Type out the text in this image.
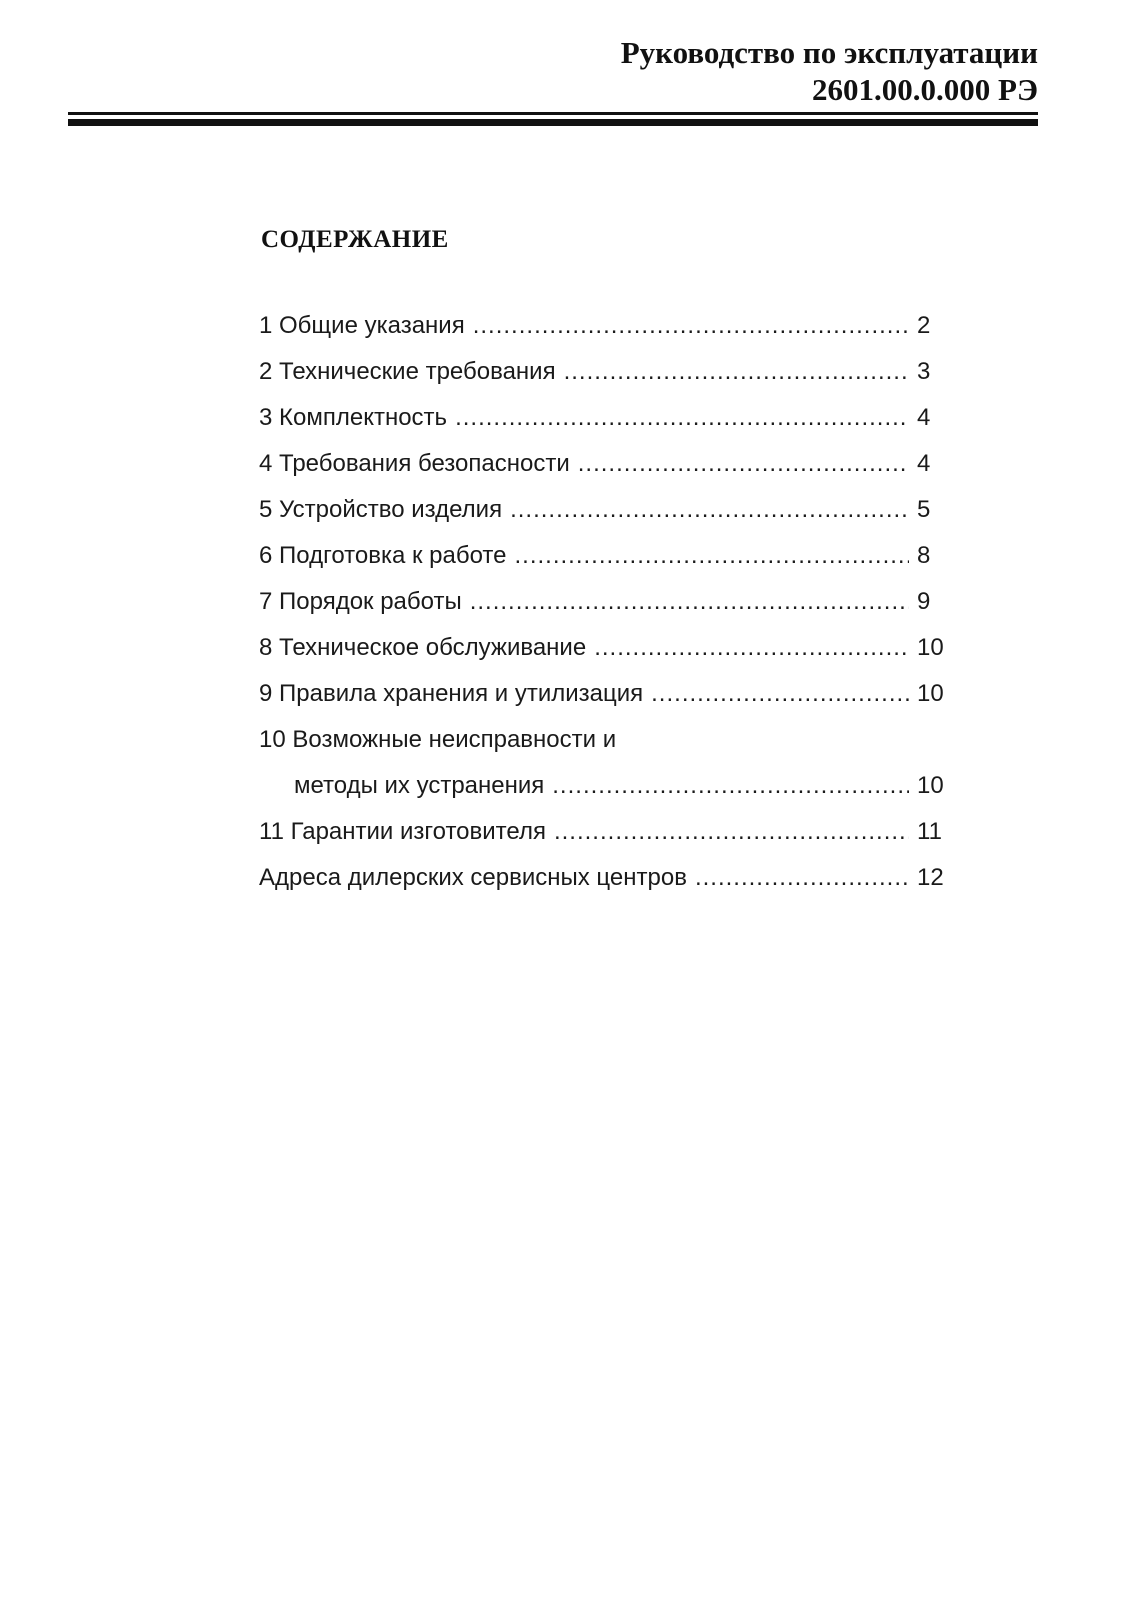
Руководство по эксплуатации
2601.00.0.000 РЭ
СОДЕРЖАНИЕ
1 Общие указания .....	2
2 Технические требования .....	3
3 Комплектность .....	4
4 Требования безопасности .....	4
5 Устройство изделия .....	5
6 Подготовка к работе .....	8
7 Порядок работы .....	9
8 Техническое обслуживание .....	10
9 Правила хранения и утилизация .....	10
10 Возможные неисправности и
методы их устранения .....	10
11 Гарантии изготовителя .....	11
Адреса дилерских сервисных центров .....	12
